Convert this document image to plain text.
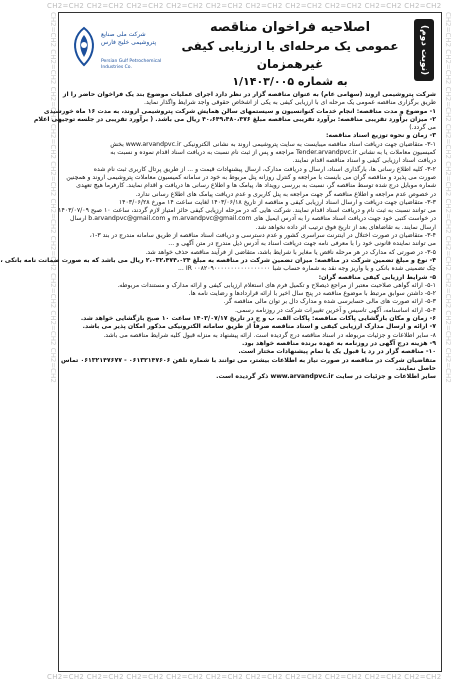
CH2=CH2 CH2=CH2 CH2=CH2 CH2=CH2 CH2=CH2 CH2=CH2 CH2=CH2 CH2=CH2 CH2=CH2 CH2=CH2
CH2=CH2 CH2=CH2 CH2=CH2 CH2=CH2 CH2=CH2 CH2=CH2 CH2=CH2 CH2=CH2 CH2=CH2 CH2=CH2	CH2=CH2 CH2=CH2 CH2=CH2 CH2=CH2 CH2=CH2 CH2=CH2 CH2=CH2 CH2=CH2 CH2=CH2 CH2=CH2
(نوبت دوم)
اصلاحیه فراخوان مناقصه
عمومی یک مرحله‌ای با ارزیابی کیفی غیرهمزمان
به شماره ۱/۱۴۰۳/۰۰۵
شرکت ملی صنایع پتروشیمی خلیج فارس
Persian Gulf Petrochemical Industries Co.
شرکت پتروشیمی اروند (سهامی عام) به عنوان مناقصه گزار در نظر دارد اجرای عملیات موضوع بند یک فراخوان حاضر را از
طریق برگزاری مناقصه عمومی یک مرحله ای با ارزیابی کیفی به یکی از اشخاص حقوقی واجد شرایط واگذار نماید.
۱- موضوع و مدت مناقصه: انجام خدمات کنوانسیون و سیستمهای سالن همایش شرکت پتروشیمی اروند، به مدت ۱۶ ماه خورشیدی
۲- میزان برآورد تقریبی مناقصه: برآورد تقریبی مناقصه مبلغ ۴۰،۶۴۹،۴۸۰،۴۷۶ ریال می باشد. ( برآورد تقریبی در جلسه توجیهی اعلام
می گردد.)
۳- زمان و نحوه توزیع اسناد مناقصه:
۳-۱- متقاضیان جهت دریافت اسناد مناقصه میبایست به سایت پتروشیمی اروند به نشانی الکترونیکی www.arvandpvc.ir بخش
کمیسیون معاملات یا به نشانی Tender.arvandpvc.ir مراجعه و پس از ثبت نام نسبت به دریافت اسناد اقدام نموده و نسبت به
دریافت اسناد ارزیابی کیفی و اسناد مناقصه اقدام نمایند.
۳-۲- کلیه اطلاع رسانی ها، بارگذاری اسناد، ارسال و دریافت مدارک، ارسال پیشنهادات قیمت و ... از طریق پرتال کاربری ثبت نام شده
صورت می پذیرد و مناقصه گران می بایست با مراجعه و کنترل روزانه پنل مربوط به خود در سامانه کمیسیون معاملات پتروشیمی اروند و همچنین
شماره موبایل درج شده توسط مناقصه گر، نسبت به بررسی رویداد ها، پیامک ها و اطلاع رسانی ها دریافت و اقدام نمایند. کارفرما هیچ تعهدی
در خصوص عدم مراجعه و اطلاع مناقصه گر جهت مراجعه به پنل کاربری و عدم دریافت پیامک های اطلاع رسانی ندارد.
۳-۳- متقاضیان جهت دریافت و ارسال اسناد ارزیابی کیفی و مناقصه از تاریخ ۱۴۰۳/۰۶/۱۸ لغایت ساعت ۱۴ مورخ ۱۴۰۳/۰۶/۲۸
می توانند نسبت به ثبت نام و دریافت اسناد اقدام نمایند. شرکت هایی که در مرحله ارزیابی کیفی حائز امتیاز لازم گردند، ساعت ۱۰ صبح ۱۴۰۳/۰۷/۰۹
در خواست کتبی خود جهت دریافت اسناد مناقصه را به آدرس ایمیل های m.arvandpvc@gmail.com و b.arvandpvc@gmail.com ارسال
ارسال نمایند. به تقاضاهای بعد از تاریخ فوق ترتیب اثر داده نخواهد شد.
۳-۴- متقاضیان در صورت اختلال در اینترنت سراسری کشور و عدم دسترسی و دریافت اسناد مناقصه از طریق سامانه مندرج در بند ۳-۱،
می توانند نماینده قانونی خود را با معرفی نامه جهت دریافت اسناد به آدرس ذیل مندرج در متن آگهی و ...
۳-۵- در صورتی که مدارک در هر مرحله ناقص یا مغایر با شرایط باشد، متقاضی از فرآیند مناقصه حذف خواهد شد.
۴- نوع و مبلغ تضمین شرکت در مناقصه: میزان تضمین شرکت در مناقصه به مبلغ ۲،۰۳۲،۴۷۴،۰۲۴ ریال می باشد که به صورت ضمانت نامه بانکی ،
چک تضمینی شده بانکی و یا واریز وجه نقد به شماره حساب شبا ۰۰۸۲۰۹۰۰۰۰۰۰۰۰۰۰۰۰۰۰۰۰۰ IR ...
۵- شرایط ارزیابی کیفی مناقصه گران:
۵-۱- ارائه گواهی صلاحیت معتبر از مراجع ذیصلاح و تکمیل فرم های استعلام ارزیابی کیفی و ارائه مدارک و مستندات مربوطه.
۵-۲- داشتن سوابق مرتبط با موضوع مناقصه در پنج سال اخیر با ارائه قراردادها و رضایت نامه ها.
۵-۳- ارائه صورت های مالی حسابرسی شده و مدارک دال بر توان مالی مناقصه گر.
۵-۴- ارائه اساسنامه، آگهی تاسیس و آخرین تغییرات شرکت در روزنامه رسمی.
۶- زمان و مکان بازگشایی پاکات مناقصه: پاکات الف، ب و ج در تاریخ ۱۴۰۳/۰۷/۱۷ ساعت ۱۰ صبح بازگشایی خواهد شد.
۷- ارائه و ارسال مدارک ارزیابی کیفی و اسناد مناقصه صرفاً از طریق سامانه الکترونیکی مذکور امکان پذیر می باشد.
۸- سایر اطلاعات و جزئیات مربوطه در اسناد مناقصه درج گردیده است. ارائه پیشنهاد به منزله قبول کلیه شرایط مناقصه می باشد.
۹- هزینه درج آگهی در روزنامه به عهده برنده مناقصه خواهد بود.
۱۰- مناقصه گزار در رد یا قبول یک یا تمام پیشنهادات مختار است.
متقاضیان شرکت در مناقصه در صورت نیاز به اطلاعات بیشتر، می توانند با شماره تلفن ۰۶۱۳۲۱۴۷۶۰۶ - ۰۶۱۳۲۱۴۷۶۷۷ تماس
حاصل نمایند.
سایر اطلاعات و جزئیات در سایت www.arvandpvc.ir ذکر گردیده است.
CH2=CH2 CH2=CH2 CH2=CH2 CH2=CH2 CH2=CH2 CH2=CH2 CH2=CH2 CH2=CH2 CH2=CH2 CH2=CH2
